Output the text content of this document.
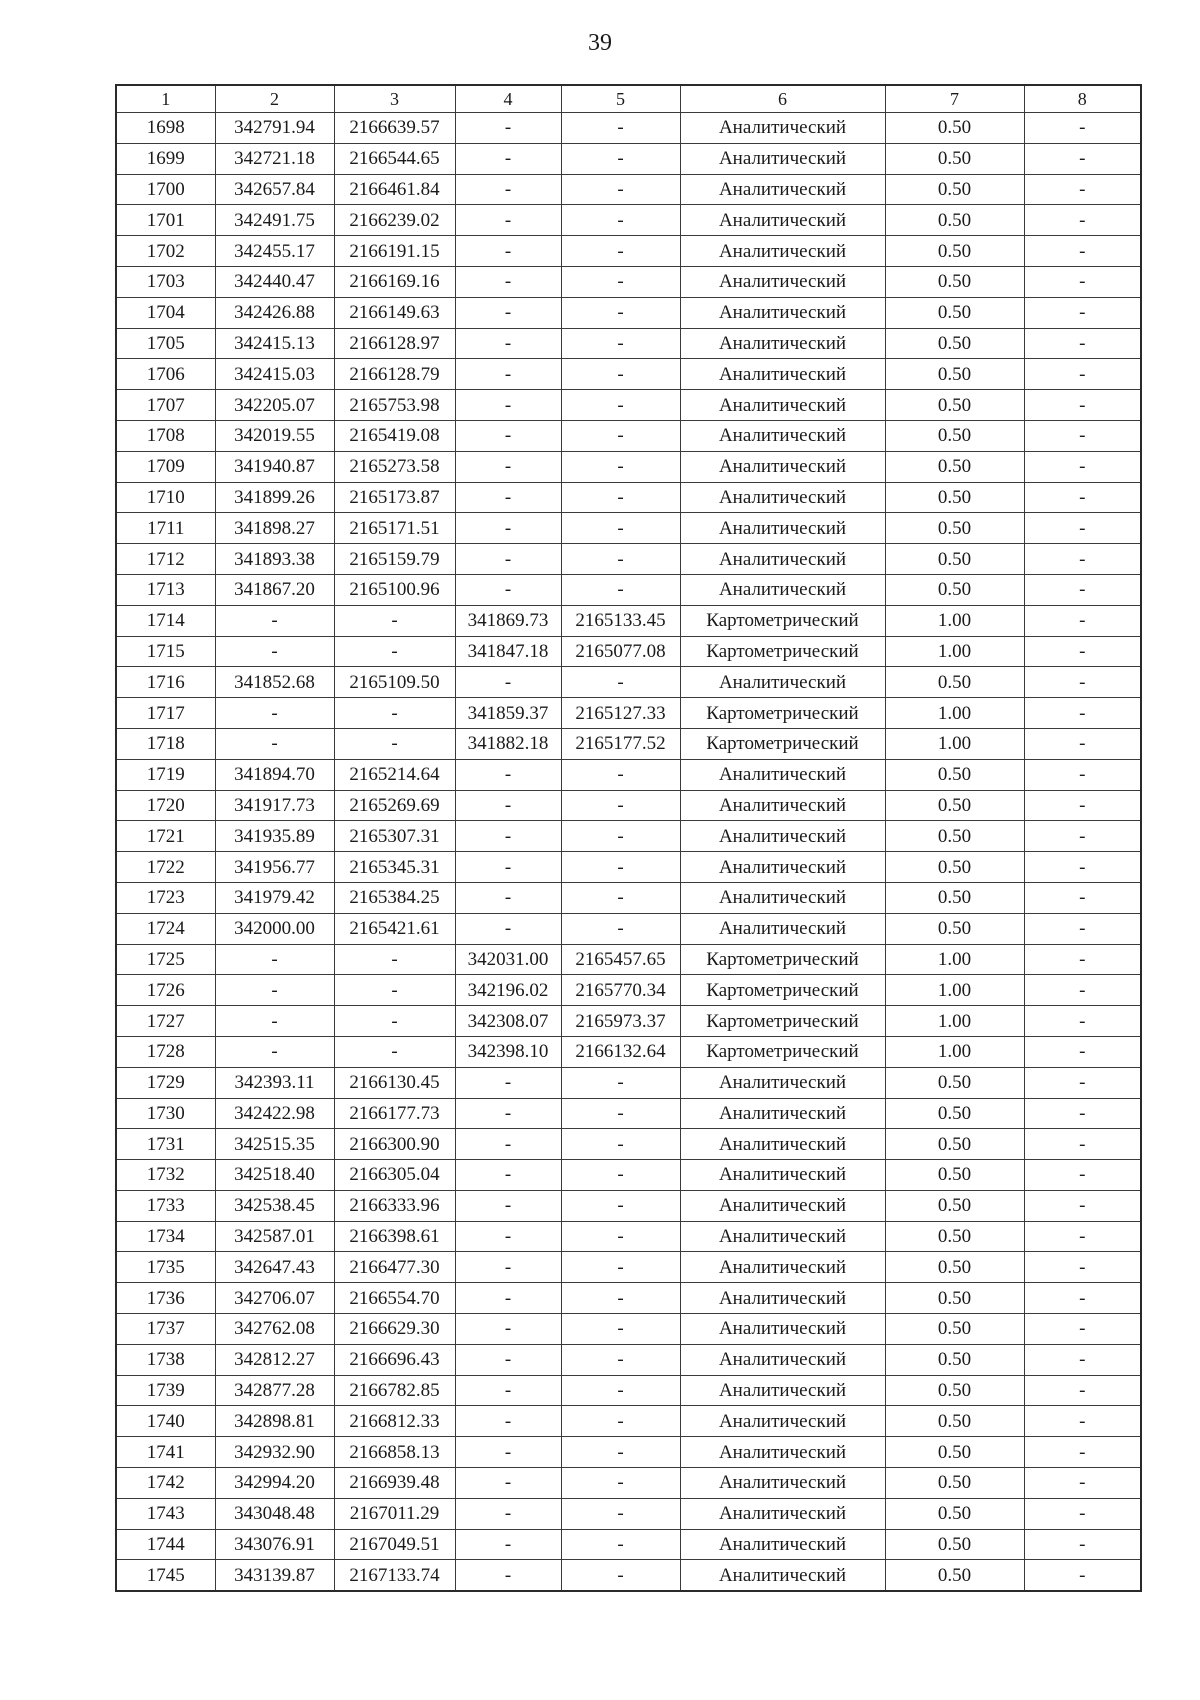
39
1	2	3	4	5	6	7	8
1698	342791.94	2166639.57	-	-	Аналитический	0.50	-
1699	342721.18	2166544.65	-	-	Аналитический	0.50	-
1700	342657.84	2166461.84	-	-	Аналитический	0.50	-
1701	342491.75	2166239.02	-	-	Аналитический	0.50	-
1702	342455.17	2166191.15	-	-	Аналитический	0.50	-
1703	342440.47	2166169.16	-	-	Аналитический	0.50	-
1704	342426.88	2166149.63	-	-	Аналитический	0.50	-
1705	342415.13	2166128.97	-	-	Аналитический	0.50	-
1706	342415.03	2166128.79	-	-	Аналитический	0.50	-
1707	342205.07	2165753.98	-	-	Аналитический	0.50	-
1708	342019.55	2165419.08	-	-	Аналитический	0.50	-
1709	341940.87	2165273.58	-	-	Аналитический	0.50	-
1710	341899.26	2165173.87	-	-	Аналитический	0.50	-
1711	341898.27	2165171.51	-	-	Аналитический	0.50	-
1712	341893.38	2165159.79	-	-	Аналитический	0.50	-
1713	341867.20	2165100.96	-	-	Аналитический	0.50	-
1714	-	-	341869.73	2165133.45	Картометрический	1.00	-
1715	-	-	341847.18	2165077.08	Картометрический	1.00	-
1716	341852.68	2165109.50	-	-	Аналитический	0.50	-
1717	-	-	341859.37	2165127.33	Картометрический	1.00	-
1718	-	-	341882.18	2165177.52	Картометрический	1.00	-
1719	341894.70	2165214.64	-	-	Аналитический	0.50	-
1720	341917.73	2165269.69	-	-	Аналитический	0.50	-
1721	341935.89	2165307.31	-	-	Аналитический	0.50	-
1722	341956.77	2165345.31	-	-	Аналитический	0.50	-
1723	341979.42	2165384.25	-	-	Аналитический	0.50	-
1724	342000.00	2165421.61	-	-	Аналитический	0.50	-
1725	-	-	342031.00	2165457.65	Картометрический	1.00	-
1726	-	-	342196.02	2165770.34	Картометрический	1.00	-
1727	-	-	342308.07	2165973.37	Картометрический	1.00	-
1728	-	-	342398.10	2166132.64	Картометрический	1.00	-
1729	342393.11	2166130.45	-	-	Аналитический	0.50	-
1730	342422.98	2166177.73	-	-	Аналитический	0.50	-
1731	342515.35	2166300.90	-	-	Аналитический	0.50	-
1732	342518.40	2166305.04	-	-	Аналитический	0.50	-
1733	342538.45	2166333.96	-	-	Аналитический	0.50	-
1734	342587.01	2166398.61	-	-	Аналитический	0.50	-
1735	342647.43	2166477.30	-	-	Аналитический	0.50	-
1736	342706.07	2166554.70	-	-	Аналитический	0.50	-
1737	342762.08	2166629.30	-	-	Аналитический	0.50	-
1738	342812.27	2166696.43	-	-	Аналитический	0.50	-
1739	342877.28	2166782.85	-	-	Аналитический	0.50	-
1740	342898.81	2166812.33	-	-	Аналитический	0.50	-
1741	342932.90	2166858.13	-	-	Аналитический	0.50	-
1742	342994.20	2166939.48	-	-	Аналитический	0.50	-
1743	343048.48	2167011.29	-	-	Аналитический	0.50	-
1744	343076.91	2167049.51	-	-	Аналитический	0.50	-
1745	343139.87	2167133.74	-	-	Аналитический	0.50	-
